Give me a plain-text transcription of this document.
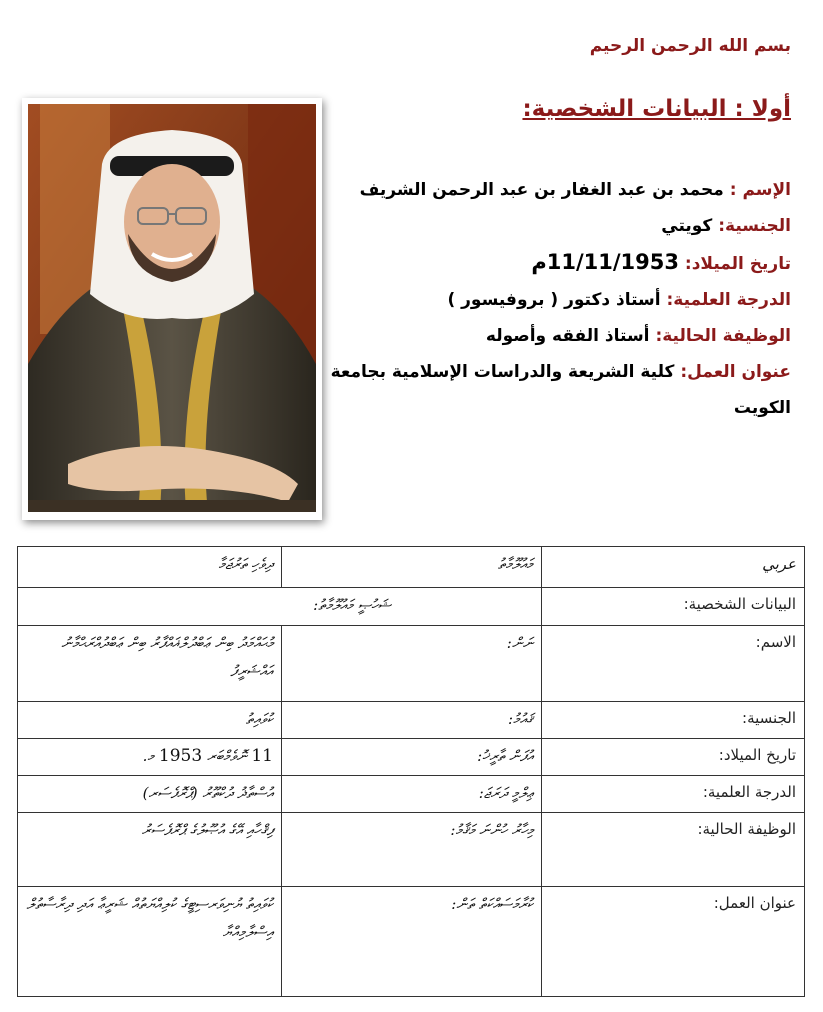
بسم الله الرحمن الرحيم
أولا : البيانات الشخصية:
الإسم : محمد بن عبد الغفار بن عبد الرحمن الشريف
الجنسية: كويتي
تاريخ الميلاد: 11/11/1953م
الدرجة العلمية: أستاذ دكتور ( بروفيسور )
الوظيفة الحالية: أستاذ الفقه وأصوله
عنوان العمل: كلية الشريعة والدراسات الإسلامية بجامعة الكويت
ދިވެހި ތަރުޖަމާ	މައުލޫމާތު	عربي
ޝަހުޞީ މައުލޫމާތު:		البيانات الشخصية:
މުޙައްމަދު ބިން ޢަބްދުލްޣައްފާރު ބިން ޢަބްދުއްރަޙްމާނު އައްޝަރީފު	ނަން:	الاسم:
ކުވައިތު	ޤައުމު:	الجنسية:
11 ނޮވެމްބަރ 1953 މ.	އުފަން ތާރީޚު:	تاريخ الميلاد:
އުސްތާޛު ދުކްތޫރު (ޕްރޮފެސަރ)	ޢިލްމީ ދަރަޖަ:	الدرجة العلمية:
ފިޤްހާއި އޭގެ އުޞޫލުގެ ޕްރޮފެސަރު	މިހާރު ހުންނަ މަޤާމު:	الوظيفة الحالية:
ކުވައިތު ޔުނިވަރސިޓީގެ ކުލިއްޔަތުއް ޝަރީޢާ އަދި ދިރާސާތުލް އިސްލާމިއްޔާ	ކުރާމަސައްކަތް ތަން:	عنوان العمل:
